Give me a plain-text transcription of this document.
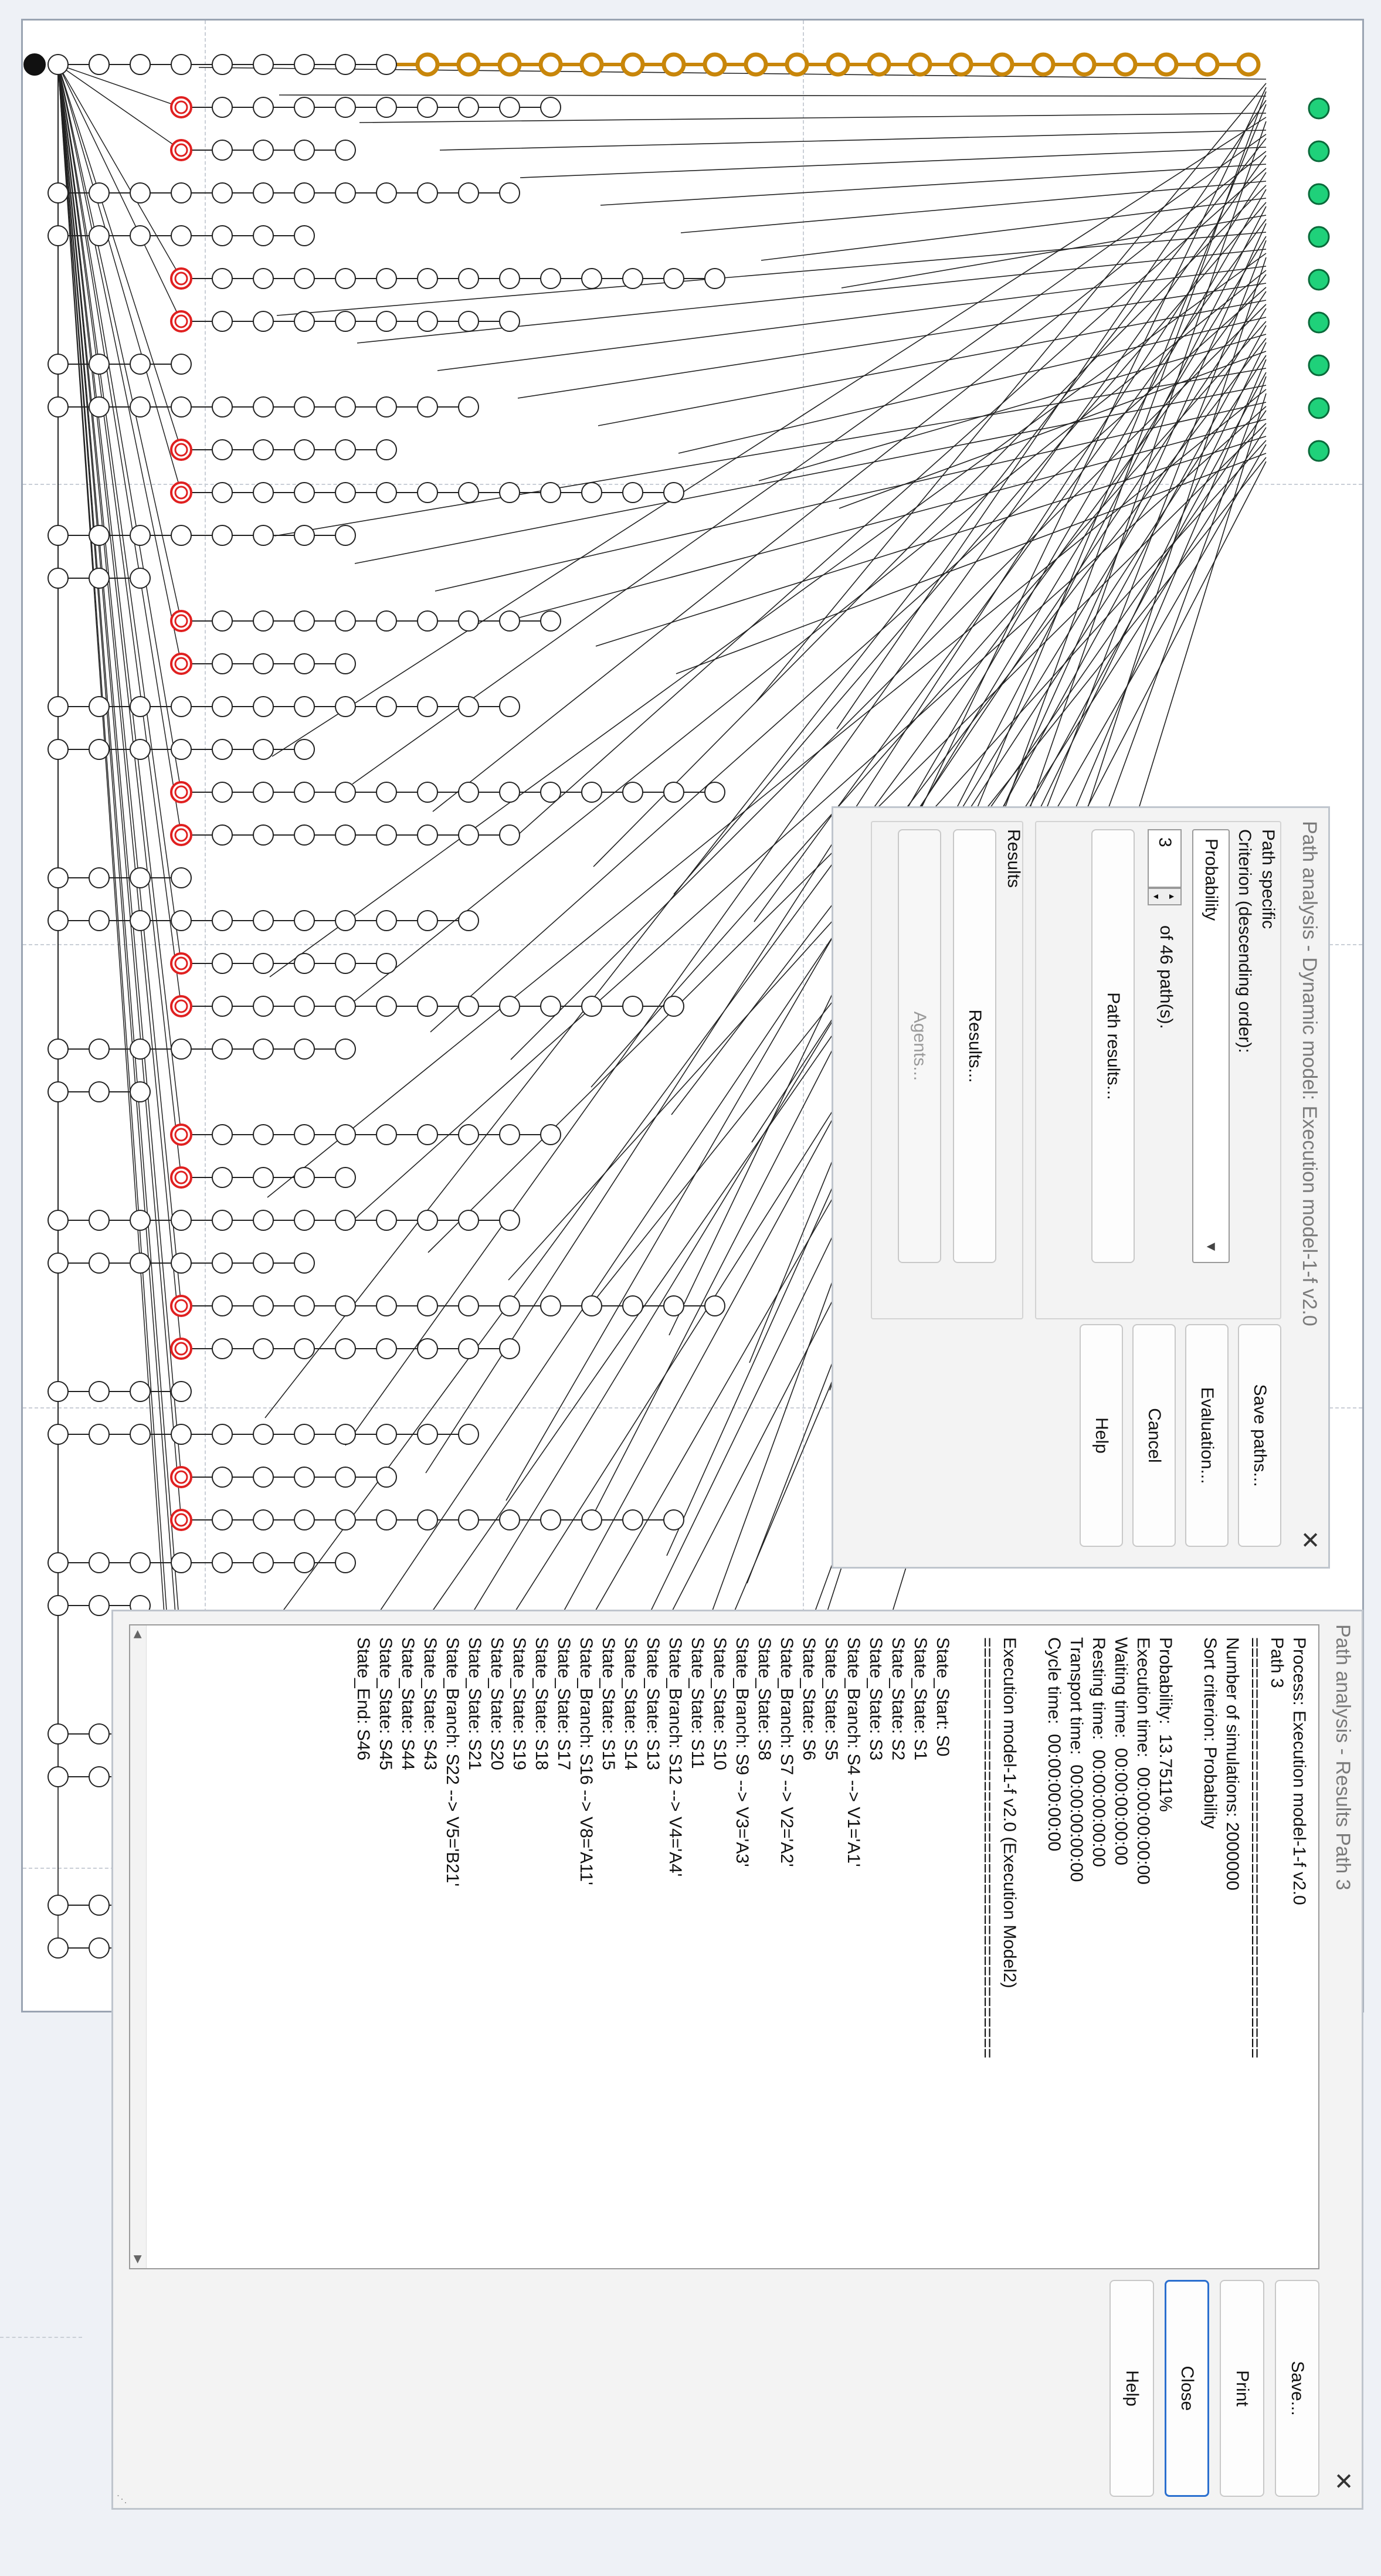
Path analysis - Dynamic model: Execution model-1-f v2.0
✕
Path specific
Criterion (descending order):
Probability
▼
3
▲
▼
of 46 path(s).
Path results...
Results
Results...
Agents...
Save paths...
Evaluation...
Cancel
Help
Path analysis - Results Path 3
✕
Process: Execution model-1-f v2.0
Path 3
=========================================
Number of simulations: 2000000
Sort criterion: Probability

Probability:  13.7511%
Execution time:  00:00:00:00:00
Waiting time:  00:00:00:00:00
Resting time:  00:00:00:00:00
Transport time:  00:00:00:00:00
Cycle time:  00:00:00:00:00

Execution model-1-f v2.0 (Execution Model2)
=========================================

State_Start: S0
State_State: S1
State_State: S2
State_State: S3
State_Branch: S4 --> V1='A1'
State_State: S5
State_State: S6
State_Branch: S7 --> V2='A2'
State_State: S8
State_Branch: S9 --> V3='A3'
State_State: S10
State_State: S11
State_Branch: S12 --> V4='A4'
State_State: S13
State_State: S14
State_State: S15
State_Branch: S16 --> V8='A11'
State_State: S17
State_State: S18
State_State: S19
State_State: S20
State_State: S21
State_Branch: S22 --> V5='B21'
State_State: S43
State_State: S44
State_State: S45
State_End: S46
◀
▶
Save...
Print
Close
Help
⋰
